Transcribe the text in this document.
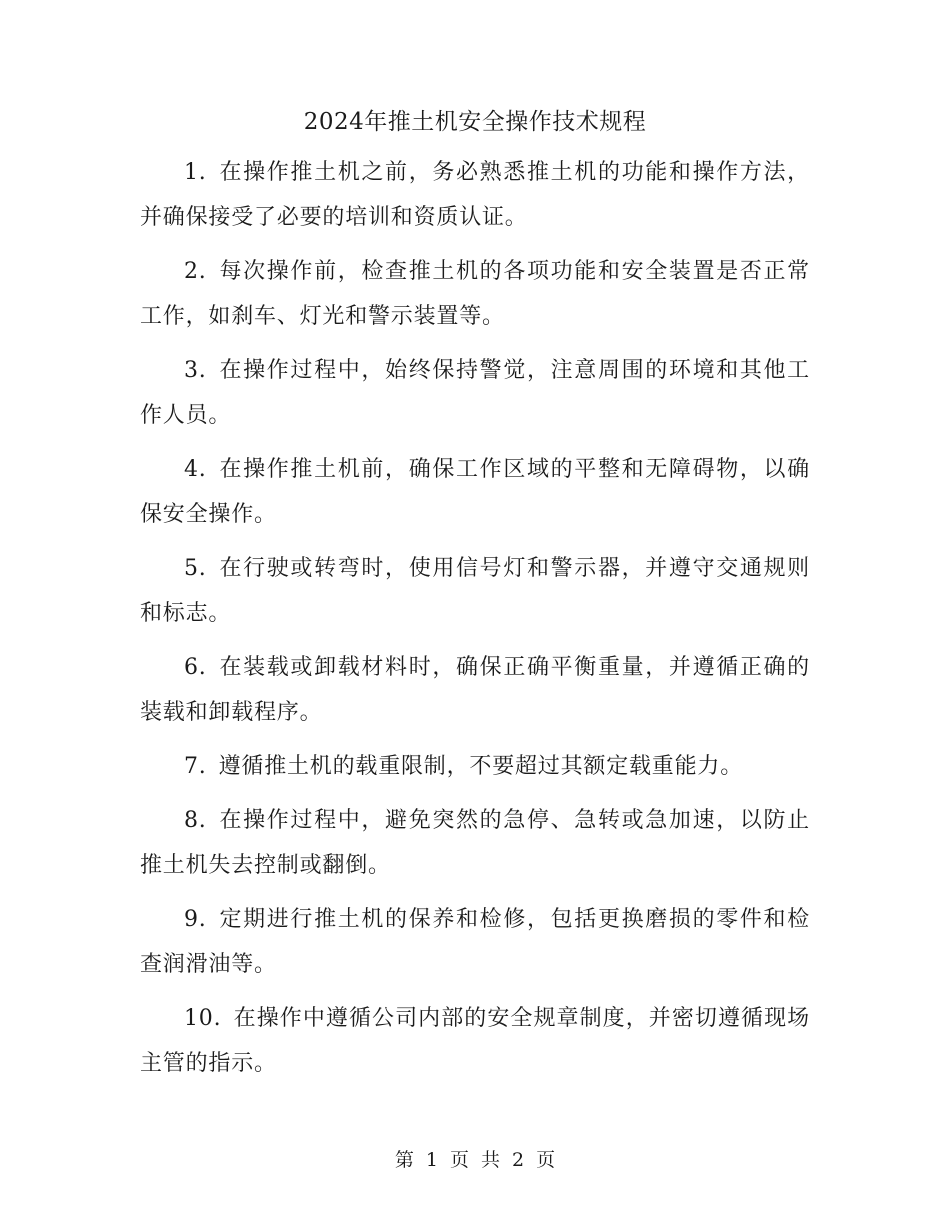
2024年推土机安全操作技术规程

1. 在操作推土机之前，务必熟悉推土机的功能和操作方法，并确保接受了必要的培训和资质认证。

2. 每次操作前，检查推土机的各项功能和安全装置是否正常工作，如刹车、灯光和警示装置等。

3. 在操作过程中，始终保持警觉，注意周围的环境和其他工作人员。

4. 在操作推土机前，确保工作区域的平整和无障碍物，以确保安全操作。

5. 在行驶或转弯时，使用信号灯和警示器，并遵守交通规则和标志。

6. 在装载或卸载材料时，确保正确平衡重量，并遵循正确的装载和卸载程序。

7. 遵循推土机的载重限制，不要超过其额定载重能力。

8. 在操作过程中，避免突然的急停、急转或急加速，以防止推土机失去控制或翻倒。

9. 定期进行推土机的保养和检修，包括更换磨损的零件和检查润滑油等。

10. 在操作中遵循公司内部的安全规章制度，并密切遵循现场主管的指示。

第 1 页 共 2 页
